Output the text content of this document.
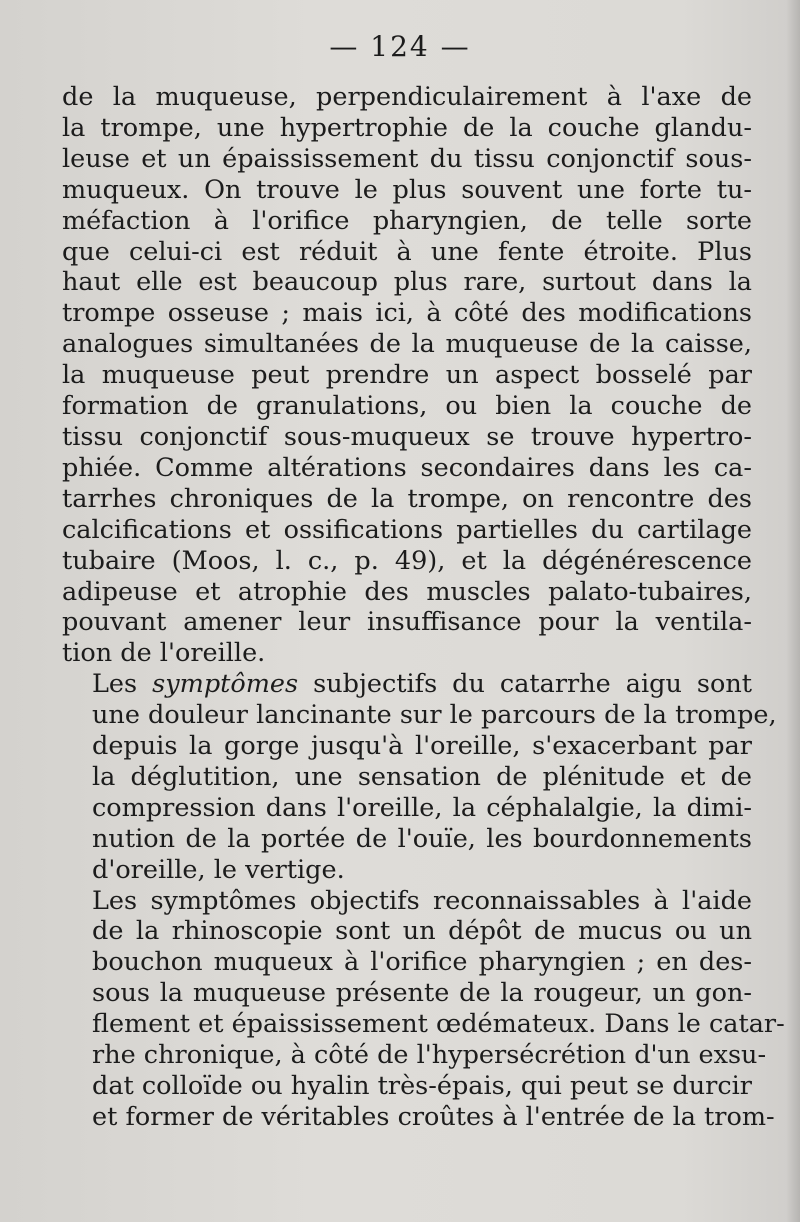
— 124 —

de la muqueuse, perpendiculairement à l'axe de
la trompe, une hypertrophie de la couche glandu-
leuse et un épaississement du tissu conjonctif sous-
muqueux. On trouve le plus souvent une forte tu-
méfaction à l'orifice pharyngien, de telle sorte
que celui-ci est réduit à une fente étroite. Plus
haut elle est beaucoup plus rare, surtout dans la
trompe osseuse ; mais ici, à côté des modifications
analogues simultanées de la muqueuse de la caisse,
la muqueuse peut prendre un aspect bosselé par
formation de granulations, ou bien la couche de
tissu conjonctif sous-muqueux se trouve hypertro-
phiée. Comme altérations secondaires dans les ca-
tarrhes chroniques de la trompe, on rencontre des
calcifications et ossifications partielles du cartilage
tubaire (Moos, l. c., p. 49), et la dégénérescence
adipeuse et atrophie des muscles palato-tubaires,
pouvant amener leur insuffisance pour la ventila-
tion de l'oreille.

Les symptômes subjectifs du catarrhe aigu sont
une douleur lancinante sur le parcours de la trompe,
depuis la gorge jusqu'à l'oreille, s'exacerbant par
la déglutition, une sensation de plénitude et de
compression dans l'oreille, la céphalalgie, la dimi-
nution de la portée de l'ouïe, les bourdonnements
d'oreille, le vertige.

Les symptômes objectifs reconnaissables à l'aide
de la rhinoscopie sont un dépôt de mucus ou un
bouchon muqueux à l'orifice pharyngien ; en des-
sous la muqueuse présente de la rougeur, un gon-
flement et épaississement œdémateux. Dans le catar-
rhe chronique, à côté de l'hypersécrétion d'un exsu-
dat colloïde ou hyalin très-épais, qui peut se durcir
et former de véritables croûtes à l'entrée de la trom-
